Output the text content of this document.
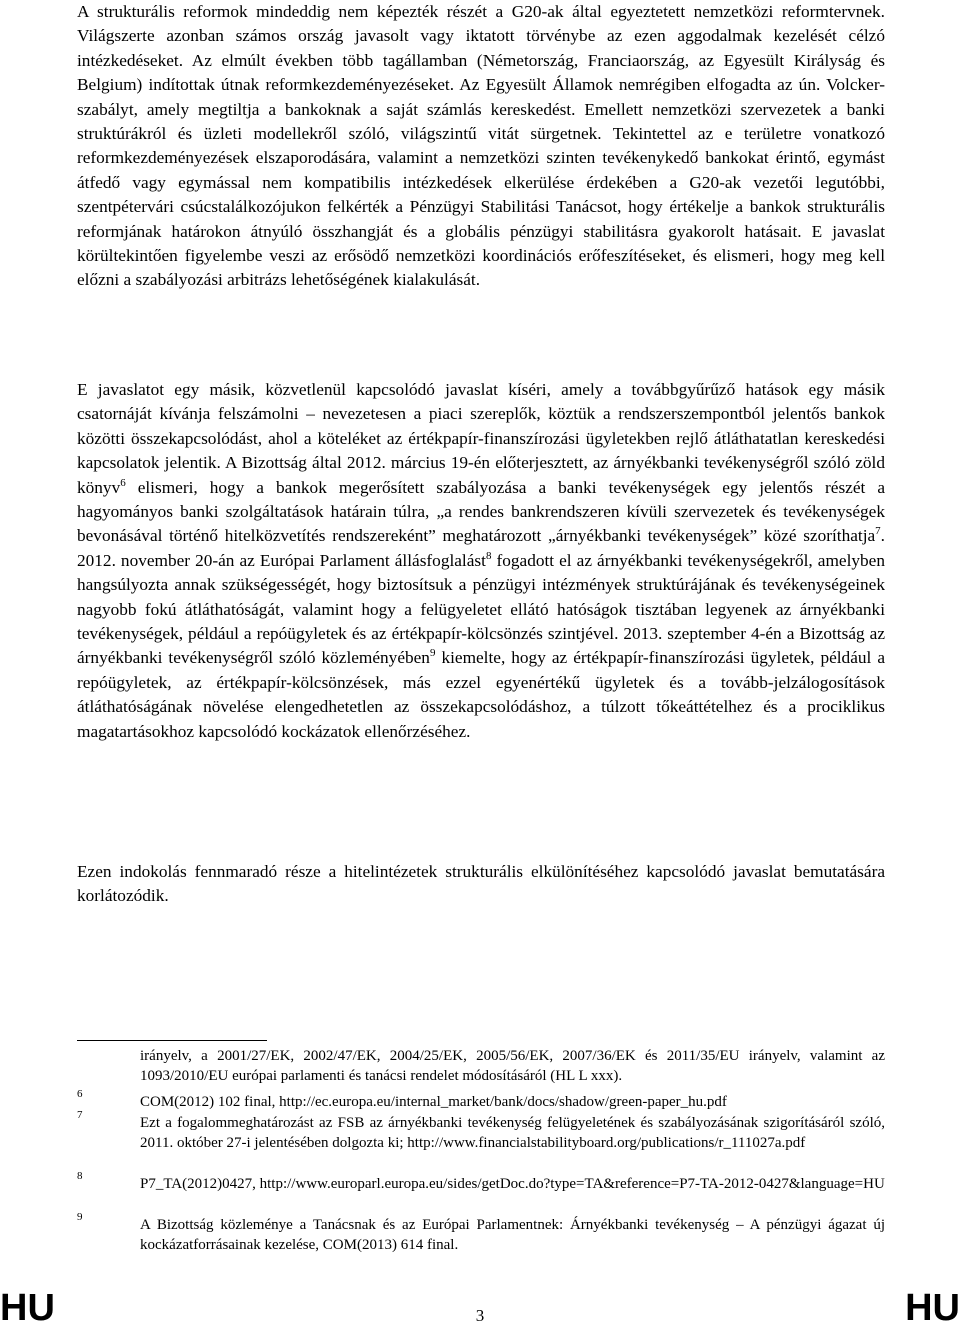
A strukturális reformok mindeddig nem képezték részét a G20-ak által egyeztetett nemzetközi reformtervnek. Világszerte azonban számos ország javasolt vagy iktatott törvénybe az ezen aggodalmak kezelését célzó intézkedéseket. Az elmúlt években több tagállamban (Németország, Franciaország, az Egyesült Királyság és Belgium) indítottak útnak reformkezdeményezéseket. Az Egyesült Államok nemrégiben elfogadta az ún. Volcker-szabályt, amely megtiltja a bankoknak a saját számlás kereskedést. Emellett nemzetközi szervezetek a banki struktúrákról és üzleti modellekről szóló, világszintű vitát sürgetnek. Tekintettel az e területre vonatkozó reformkezdeményezések elszaporodására, valamint a nemzetközi szinten tevékenykedő bankokat érintő, egymást átfedő vagy egymással nem kompatibilis intézkedések elkerülése érdekében a G20-ak vezetői legutóbbi, szentpétervári csúcstalálkozójukon felkérték a Pénzügyi Stabilitási Tanácsot, hogy értékelje a bankok strukturális reformjának határokon átnyúló összhangját és a globális pénzügyi stabilitásra gyakorolt hatásait. E javaslat körültekintően figyelembe veszi az erősödő nemzetközi koordinációs erőfeszítéseket, és elismeri, hogy meg kell előzni a szabályozási arbitrázs lehetőségének kialakulását.
E javaslatot egy másik, közvetlenül kapcsolódó javaslat kíséri, amely a továbbgyűrűző hatások egy másik csatornáját kívánja felszámolni – nevezetesen a piaci szereplők, köztük a rendszerszempontból jelentős bankok közötti összekapcsolódást, ahol a köteléket az értékpapír-finanszírozási ügyletekben rejlő átláthatatlan kereskedési kapcsolatok jelentik. A Bizottság által 2012. március 19-én előterjesztett, az árnyékbanki tevékenységről szóló zöld könyv$^6$ elismeri, hogy a bankok megerősített szabályozása a banki tevékenységek egy jelentős részét a hagyományos banki szolgáltatások határain túlra, „a rendes bankrendszeren kívüli szervezetek és tevékenységek bevonásával történő hitelközvetítés rendszereként” meghatározott „árnyékbanki tevékenységek” közé szoríthatja$^7$. 2012. november 20-án az Európai Parlament állásfoglalást$^8$ fogadott el az árnyékbanki tevékenységekről, amelyben hangsúlyozta annak szükségességét, hogy biztosítsuk a pénzügyi intézmények struktúrájának és tevékenységeinek nagyobb fokú átláthatóságát, valamint hogy a felügyeletet ellátó hatóságok tisztában legyenek az árnyékbanki tevékenységek, például a repóügyletek és az értékpapír-kölcsönzés szintjével. 2013. szeptember 4-én a Bizottság az árnyékbanki tevékenységről szóló közleményében$^9$ kiemelte, hogy az értékpapír-finanszírozási ügyletek, például a repóügyletek, az értékpapír-kölcsönzések, más ezzel egyenértékű ügyletek és a tovább-jelzálogosítások átláthatóságának növelése elengedhetetlen az összekapcsolódáshoz, a túlzott tőkeáttételhez és a prociklikus magatartásokhoz kapcsolódó kockázatok ellenőrzéséhez.
Ezen indokolás fennmaradó része a hitelintézetek strukturális elkülönítéséhez kapcsolódó javaslat bemutatására korlátozódik.
irányelv, a 2001/27/EK, 2002/47/EK, 2004/25/EK, 2005/56/EK, 2007/36/EK és 2011/35/EU irányelv, valamint az 1093/2010/EU európai parlamenti és tanácsi rendelet módosításáról (HL L xxx).
6	COM(2012) 102 final, http://ec.europa.eu/internal_market/bank/docs/shadow/green-paper_hu.pdf
7	Ezt a fogalommeghatározást az FSB az árnyékbanki tevékenység felügyeletének és szabályozásának szigorításáról szóló, 2011. október 27-i jelentésében dolgozta ki; http://www.financialstabilityboard.org/publications/r_111027a.pdf
8	P7_TA(2012)0427, http://www.europarl.europa.eu/sides/getDoc.do?type=TA&reference=P7-TA-2012-0427&language=HU
9	A Bizottság közleménye a Tanácsnak és az Európai Parlamentnek: Árnyékbanki tevékenység – A pénzügyi ágazat új kockázatforrásainak kezelése, COM(2013) 614 final.
HU	3	HU
